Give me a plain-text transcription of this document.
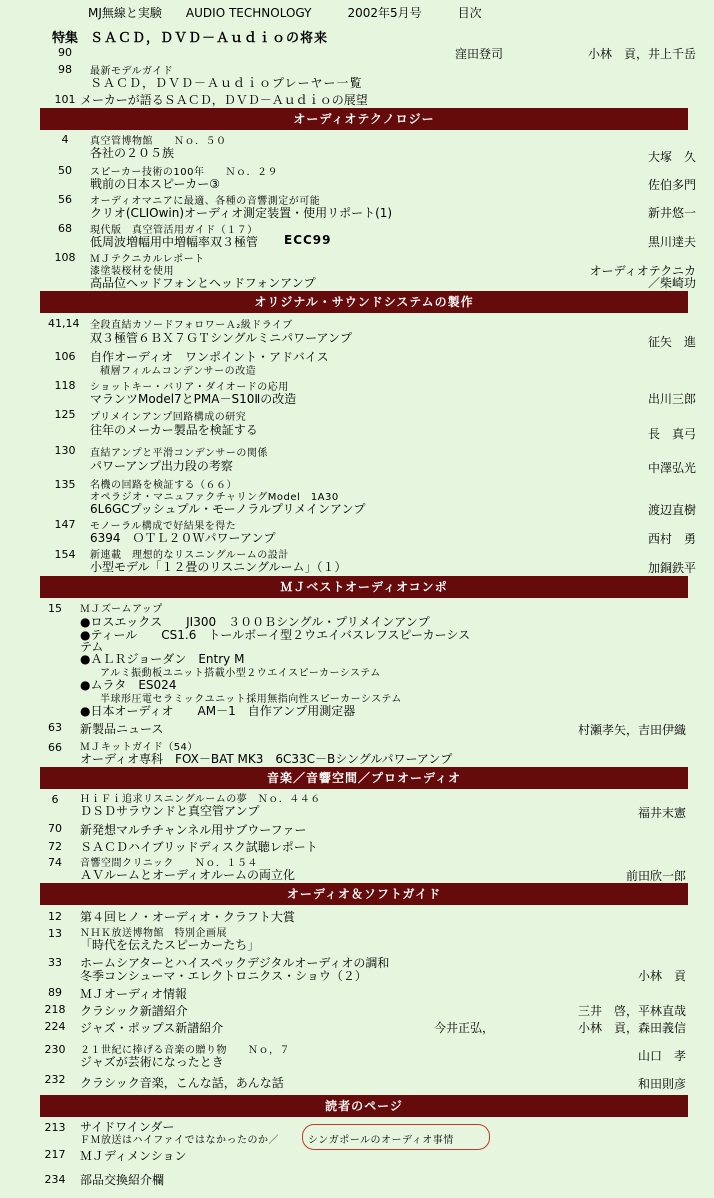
MJ無線と実験　　 AUDIO TECHNOLOGY　　　	2002年5月号　　　	目次
特集 ＳＡＣＤ，ＤＶＤ－Ａｕｄｉｏの将来
90	窪田登司	小林　貢，井上千岳
98	最新モデルガイド
ＳＡＣＤ，ＤＶＤ－Ａｕｄｉｏプレーヤー一覧
101 メーカーが語るＳＡＣＤ，ＤＶＤ－Ａｕｄｉｏの展望
オーディオテクノロジー
4	真空管博物館　　Ｎｏ．５０
各社の２０５族	大塚　久
50	スピーカー技術の100年　　Ｎｏ．２９
戦前の日本スピーカー③	佐伯多門
56	オーディオマニアに最適、各種の音響測定が可能
クリオ(CLIOwin)オーディオ測定装置・使用リポート(1)	新井悠一
68	現代版　真空管活用ガイド（１７）
低周波増幅用中増幅率双３極管 ECC99	黒川達夫
108	ＭＪテクニカルレポート
漆塗装桜材を使用
高品位ヘッドフォンとヘッドフォンアンプ
オーディオテクニカ
／柴崎功
オリジナル・サウンドシステムの製作
41,14 全段直結カソードフォロワーＡ₂級ドライブ
双３極管６ＢＸ７ＧＴシングルミニパワーアンプ	征矢　進
106	自作オーディオ　ワンポイント・アドバイス
積層フィルムコンデンサーの改造
118	ショットキー・バリア・ダイオードの応用
マランツModel7とPMA－S10Ⅱの改造	出川三郎
125	プリメインアンプ回路構成の研究
往年のメーカー製品を検証する	長　真弓
130	直結アンプと平滑コンデンサーの関係
パワーアンプ出力段の考察	中澤弘光
135	名機の回路を検証する（６６）
オペラジオ・マニュファクチャリングModel　1A30
6L6GCプッシュプル・モーノラルプリメインアンプ	渡辺直樹
147	モノーラル構成で好結果を得た
6394　ＯＴＬ２０Ｗパワーアンプ	西村　勇
154	新連載　理想的なリスニングルームの設計
小型モデル「１２畳のリスニングルーム」（１）	加銅鉄平
ＭＪベストオーディオコンポ
15	ＭＪズームアップ
●ロスエックス　　JI300　３００Ｂシングル・プリメインアンプ
●ティール　　CS1.6　トールボーイ型２ウエイバスレフスピーカーシス
テム
●ＡＬＲジョーダン　Entry M
アルミ振動板ユニット搭載小型２ウエイスピーカーシステム
●ムラタ　ES024
半球形圧電セラミックユニット採用無指向性スピーカーシステム
●日本オーディオ　　AM－1　自作アンプ用測定器
63	新製品ニュース	村瀬孝矢，吉田伊織
66	ＭＪキットガイド（54）
オーディオ専科　FOX－BAT MK3　6C33C－Bシングルパワーアンプ
音楽／音響空間／プロオーディオ
6	ＨｉＦｉ追求リスニングルームの夢　Ｎｏ．４４６
ＤＳＤサラウンドと真空管アンプ	福井末憲
70	新発想マルチチャンネル用サブウーファー
72	ＳＡＣＤハイブリッドディスク試聴レポート
74	音響空間クリニック　　Ｎｏ．１５４
ＡＶルームとオーディオルームの両立化	前田欣一郎
オーディオ＆ソフトガイド
12	第４回ヒノ・オーディオ・クラフト大賞
13	ＮＨＫ放送博物館　特別企画展
「時代を伝えたスピーカーたち」
33	ホームシアターとハイスペックデジタルオーディオの調和
冬季コンシューマ・エレクトロニクス・ショウ（２）	小林　貢
89	ＭＪオーディオ情報
218	クラシック新譜紹介	三井　啓，平林直哉
224	ジャズ・ポップス新譜紹介	今井正弘，	小林　貢，森田義信
230	２１世紀に捧げる音楽の贈り物　　Ｎｏ，７
ジャズが芸術になったとき	山口　孝
232	クラシック音楽，こんな話，あんな話	和田則彦
読者のページ
213	サイドワインダー
ＦＭ放送はハイファイではなかったのか／	シンガポールのオーディオ事情
217	ＭＪディメンション
234	部品交換紹介欄
